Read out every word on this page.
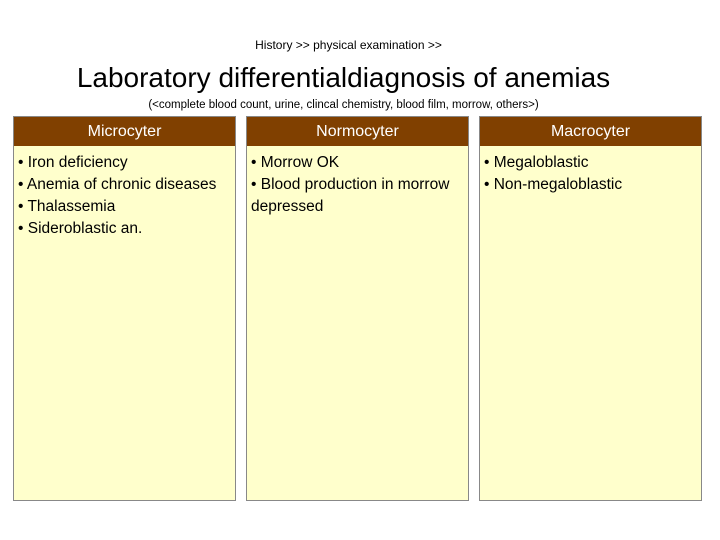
History >> physical examination >>
Laboratory differentialdiagnosis of anemias
(<complete blood count, urine, clincal chemistry, blood film, morrow, others>)
Microcyter
• Iron deficiency
• Anemia of chronic diseases
• Thalassemia
• Sideroblastic an.
Normocyter
• Morrow OK
• Blood production in morrow depressed
Macrocyter
• Megaloblastic
• Non-megaloblastic
